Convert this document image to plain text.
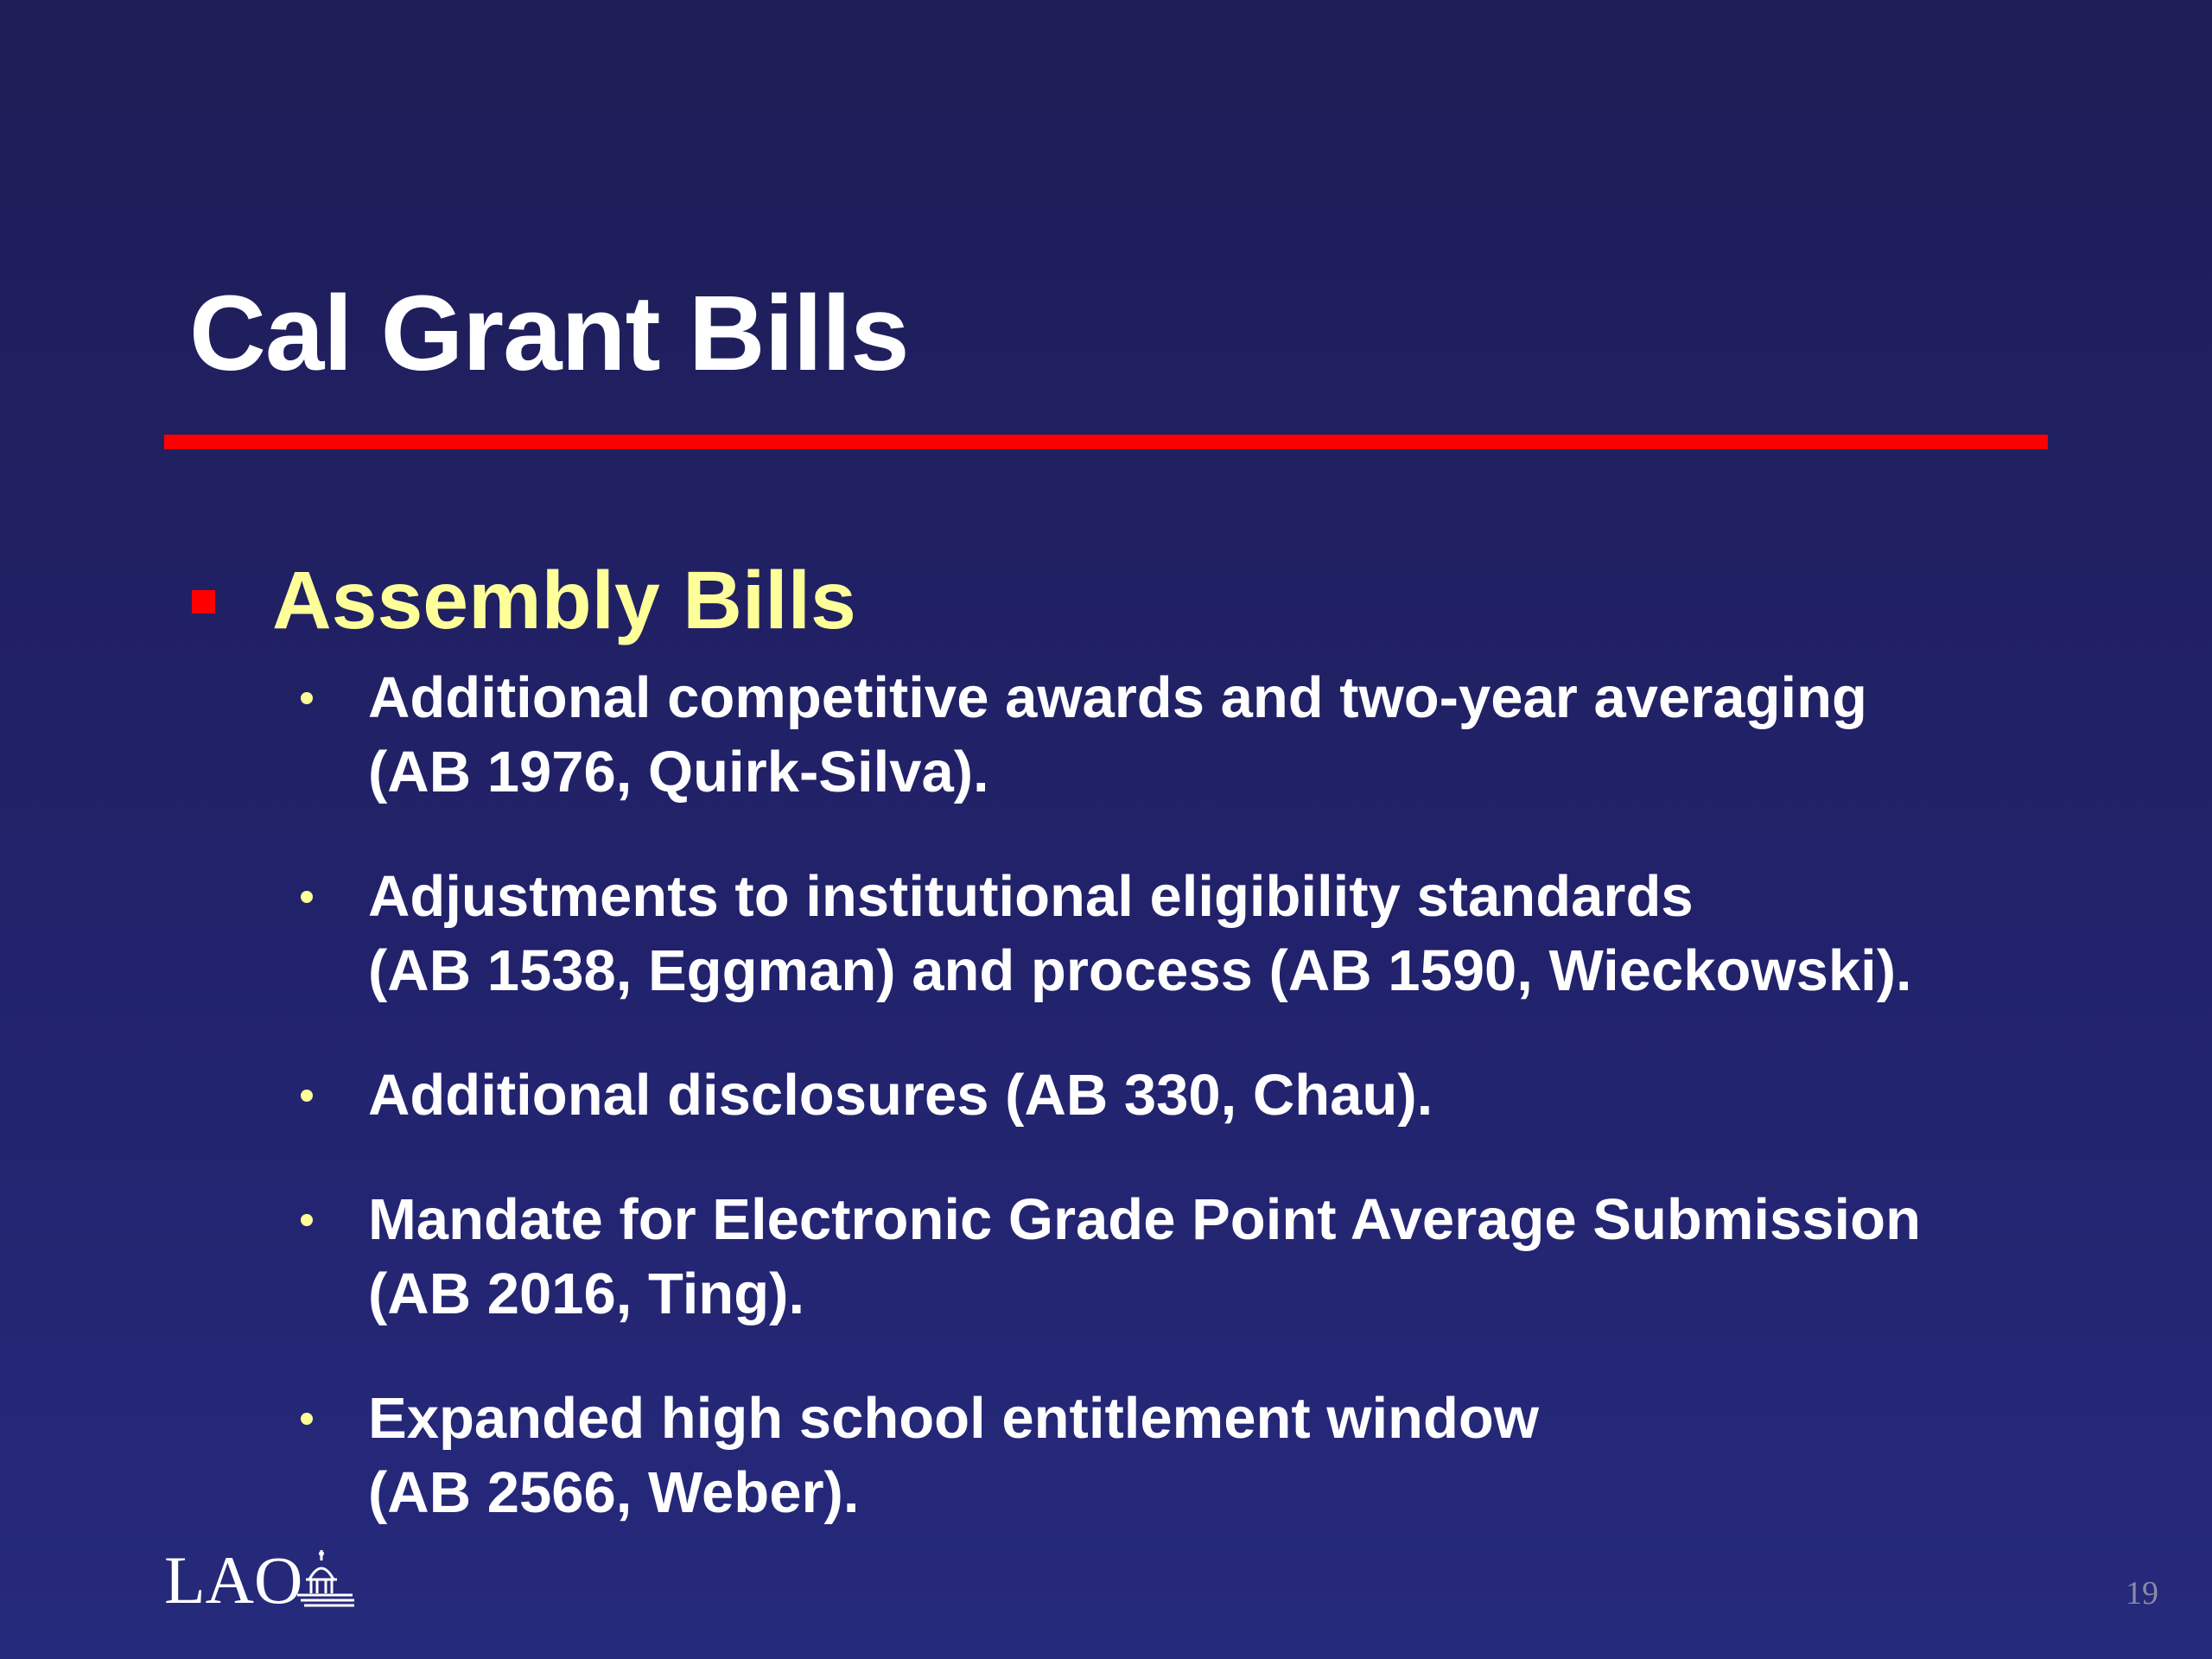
Cal Grant Bills
Assembly Bills
Additional competitive awards and two-year averaging
(AB 1976, Quirk-Silva).
Adjustments to institutional eligibility standards
(AB 1538, Eggman) and process (AB 1590, Wieckowski).
Additional disclosures (AB 330, Chau).
Mandate for Electronic Grade Point Average Submission
(AB 2016, Ting).
Expanded high school entitlement window
(AB 2566, Weber).
LAO	19
